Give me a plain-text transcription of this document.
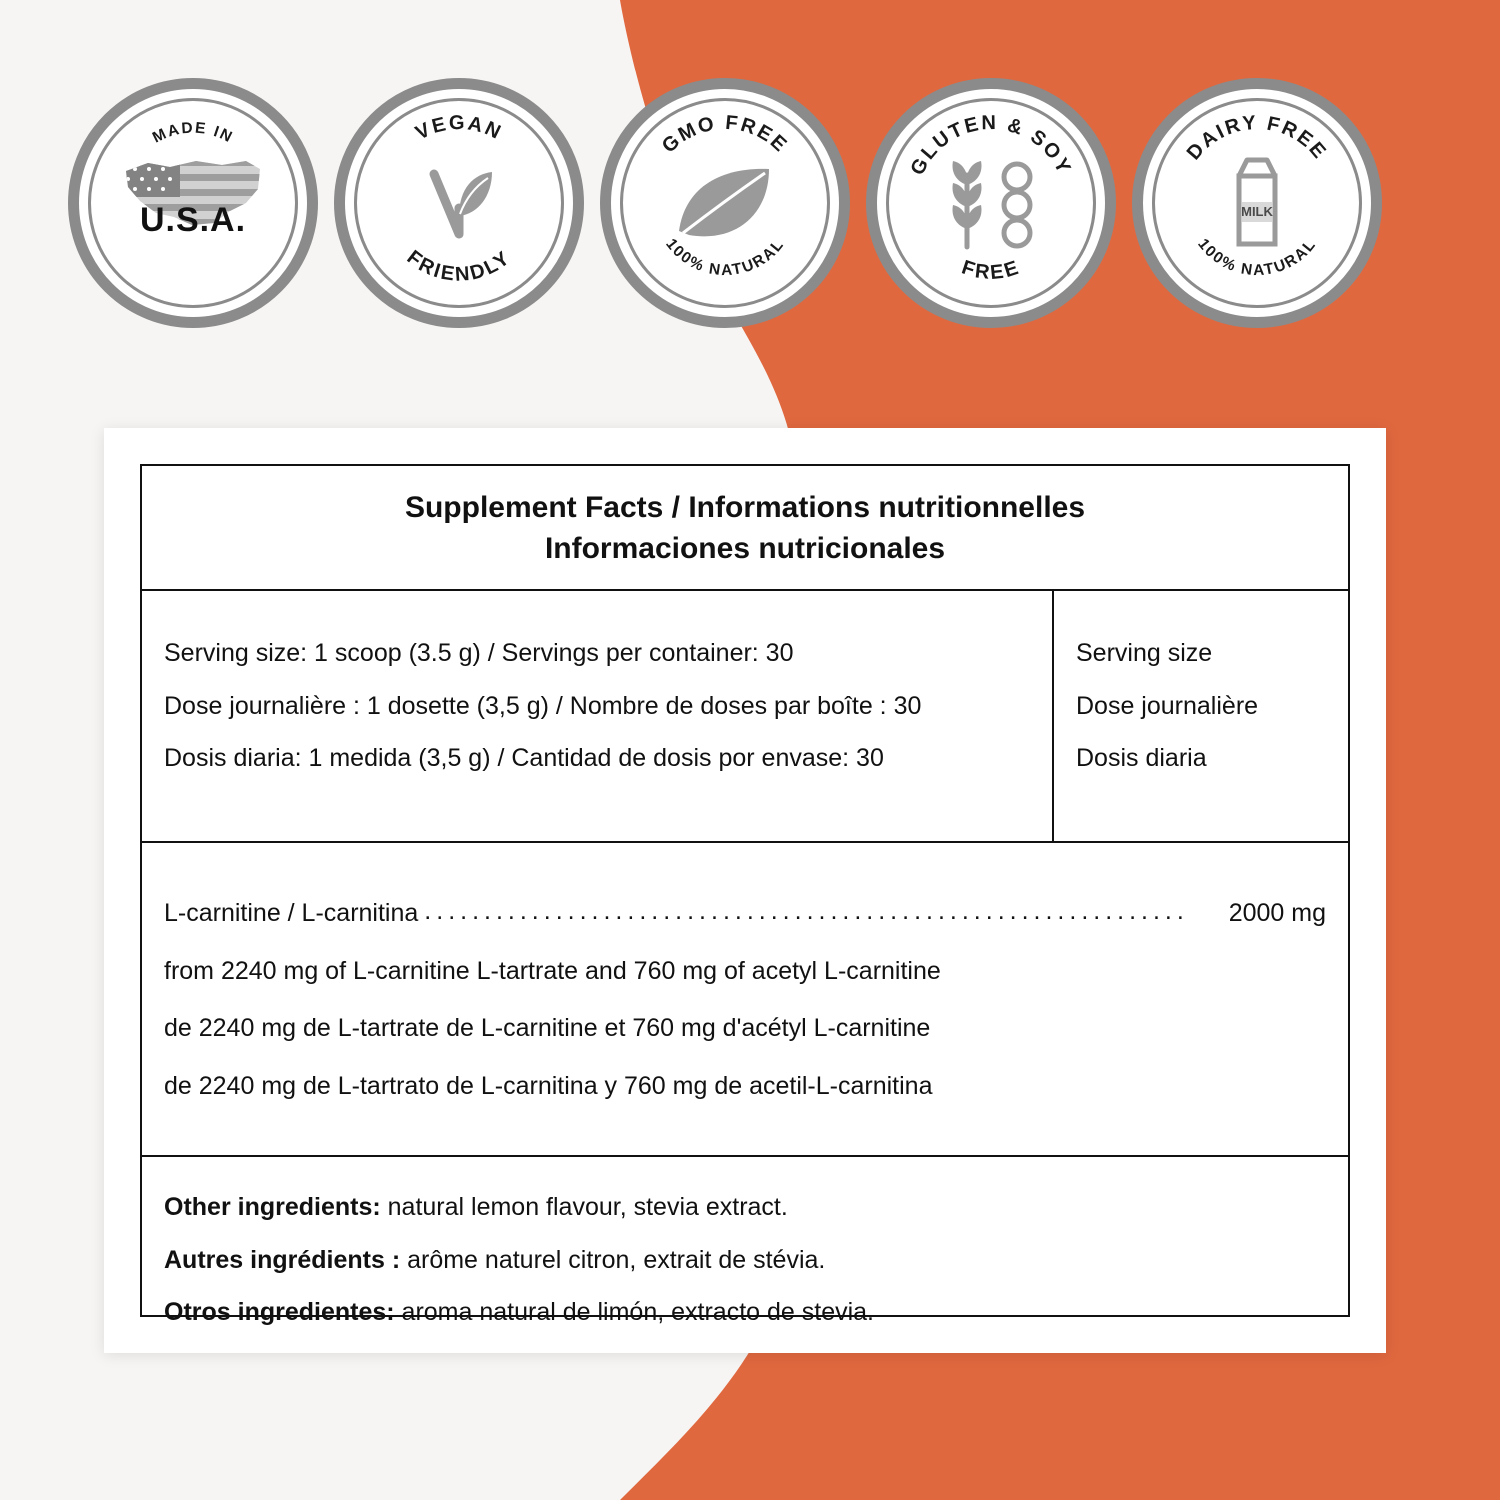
MADE IN
U.S.A.
VEGAN
FRIENDLY
GMO FREE
100% NATURAL
GLUTEN & SOY
FREE
DAIRY FREE
100% NATURAL
MILK
Supplement Facts / Informations nutritionnelles
Informaciones nutricionales
Serving size: 1 scoop (3.5 g) / Servings per container: 30
Dose journalière : 1 dosette (3,5 g) / Nombre de doses par boîte : 30
Dosis diaria: 1 medida (3,5 g) / Cantidad de dosis por envase: 30
Serving size
Dose journalière
Dosis diaria
L-carnitine / L-carnitina ................................................................	2000 mg
from 2240 mg of L-carnitine L-tartrate and 760 mg of acetyl L-carnitine
de 2240 mg de L-tartrate de L-carnitine et 760 mg d'acétyl L-carnitine
de 2240 mg de L-tartrato de L-carnitina y 760 mg de acetil-L-carnitina
Other ingredients: natural lemon flavour, stevia extract.
Autres ingrédients : arôme naturel citron, extrait de stévia.
Otros ingredientes: aroma natural de limón, extracto de stevia.
